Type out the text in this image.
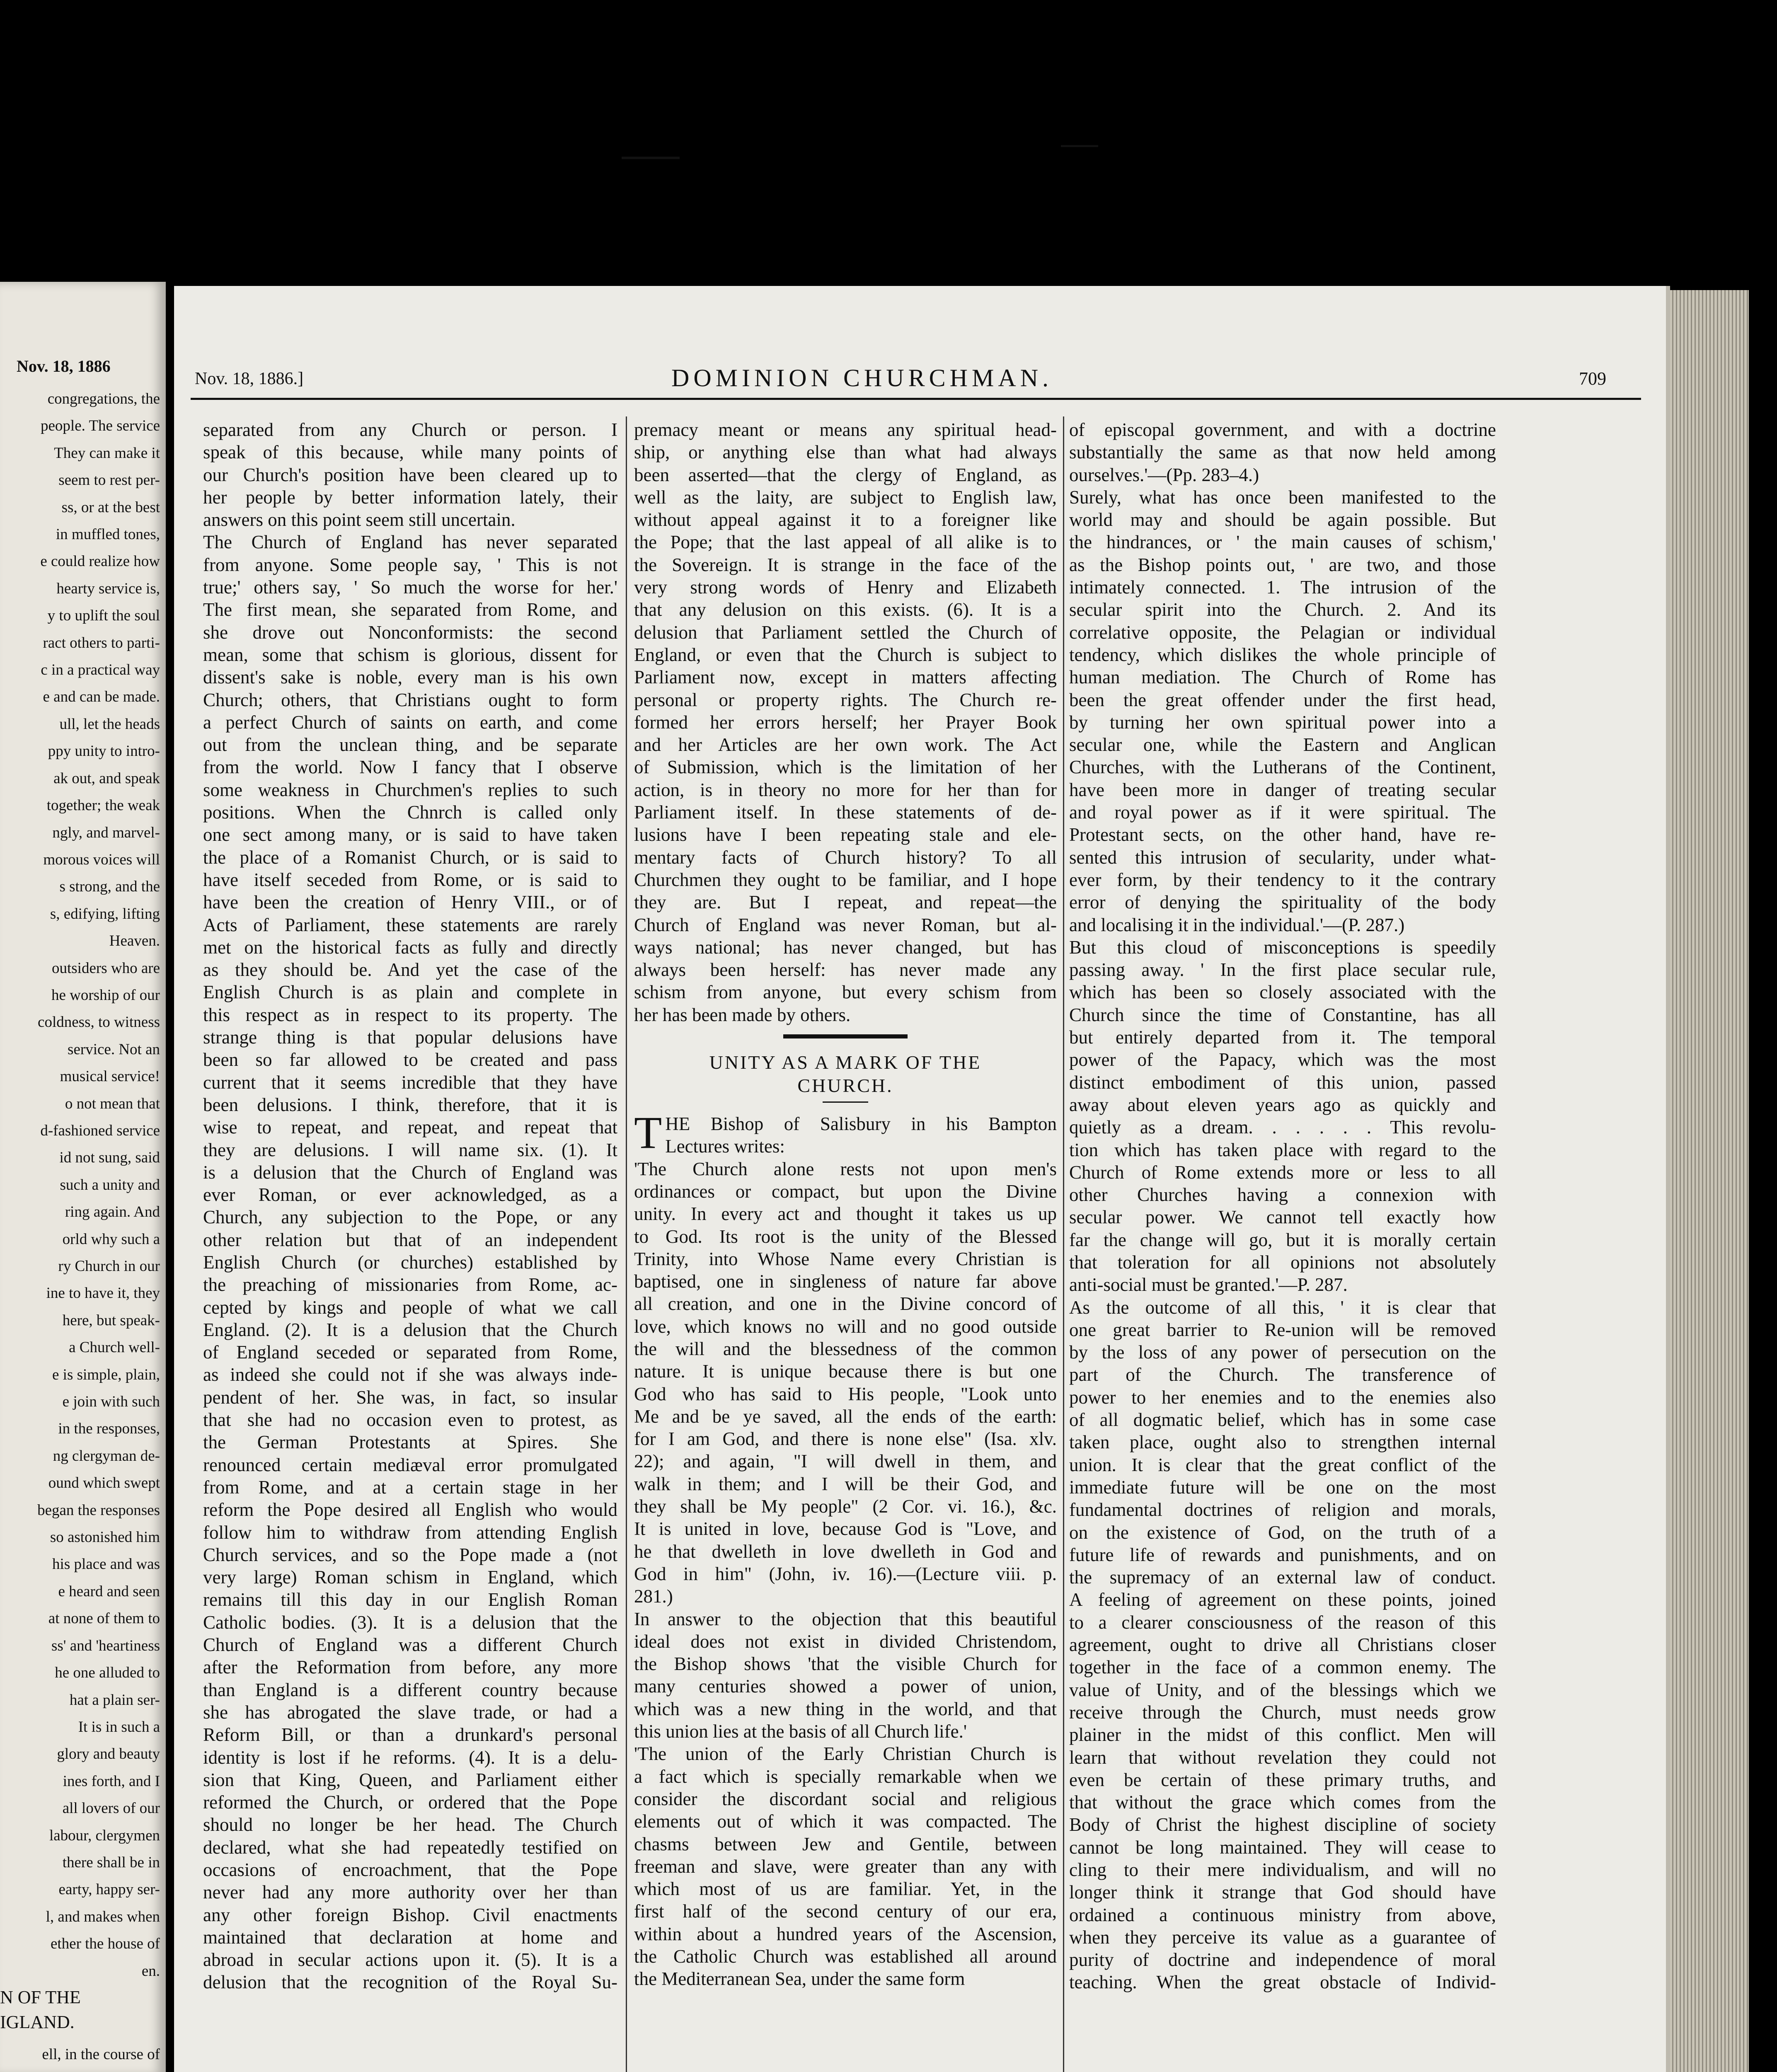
Nov. 18, 1886
congregations, the
people. The service
They can make it
seem to rest per-
ss, or at the best
in muffled tones,
e could realize how
hearty service is,
y to uplift the soul
ract others to parti-
c in a practical way
e and can be made.
ull, let the heads
ppy unity to intro-
ak out, and speak
together; the weak
ngly, and marvel-
morous voices will
s strong, and the
s, edifying, lifting
Heaven.
outsiders who are
he worship of our
coldness, to witness
service. Not an
musical service!
o not mean that
d-fashioned service
id not sung, said
such a unity and
ring again. And
orld why such a
ry Church in our
ine to have it, they
here, but speak-
a Church well-
e is simple, plain,
e join with such
in the responses,
ng clergyman de-
ound which swept
began the responses
so astonished him
his place and was
e heard and seen
at none of them to
ss' and 'heartiness
he one alluded to
hat a plain ser-
It is in such a
glory and beauty
ines forth, and I
all lovers of our
labour, clergymen
there shall be in
earty, happy ser-
l, and makes when
ether the house of
en.
N OF THE
IGLAND.
ell, in the course of
Nov. 18, 1886.]	DOMINION CHURCHMAN.	709
separated from any Church or person. I
speak of this because, while many points of
our Church's position have been cleared up to
her people by better information lately, their
answers on this point seem still uncertain.
The Church of England has never separated
from anyone. Some people say, ' This is not
true;' others say, ' So much the worse for her.'
The first mean, she separated from Rome, and
she drove out Nonconformists: the second
mean, some that schism is glorious, dissent for
dissent's sake is noble, every man is his own
Church; others, that Christians ought to form
a perfect Church of saints on earth, and come
out from the unclean thing, and be separate
from the world. Now I fancy that I observe
some weakness in Churchmen's replies to such
positions. When the Chnrch is called only
one sect among many, or is said to have taken
the place of a Romanist Church, or is said to
have itself seceded from Rome, or is said to
have been the creation of Henry VIII., or of
Acts of Parliament, these statements are rarely
met on the historical facts as fully and directly
as they should be. And yet the case of the
English Church is as plain and complete in
this respect as in respect to its property. The
strange thing is that popular delusions have
been so far allowed to be created and pass
current that it seems incredible that they have
been delusions. I think, therefore, that it is
wise to repeat, and repeat, and repeat that
they are delusions. I will name six. (1). It
is a delusion that the Church of England was
ever Roman, or ever acknowledged, as a
Church, any subjection to the Pope, or any
other relation but that of an independent
English Church (or churches) established by
the preaching of missionaries from Rome, ac-
cepted by kings and people of what we call
England. (2). It is a delusion that the Church
of England seceded or separated from Rome,
as indeed she could not if she was always inde-
pendent of her. She was, in fact, so insular
that she had no occasion even to protest, as
the German Protestants at Spires. She
renounced certain mediæval error promulgated
from Rome, and at a certain stage in her
reform the Pope desired all English who would
follow him to withdraw from attending English
Church services, and so the Pope made a (not
very large) Roman schism in England, which
remains till this day in our English Roman
Catholic bodies. (3). It is a delusion that the
Church of England was a different Church
after the Reformation from before, any more
than England is a different country because
she has abrogated the slave trade, or had a
Reform Bill, or than a drunkard's personal
identity is lost if he reforms. (4). It is a delu-
sion that King, Queen, and Parliament either
reformed the Church, or ordered that the Pope
should no longer be her head. The Church
declared, what she had repeatedly testified on
occasions of encroachment, that the Pope
never had any more authority over her than
any other foreign Bishop. Civil enactments
maintained that declaration at home and
abroad in secular actions upon it. (5). It is a
delusion that the recognition of the Royal Su-
premacy meant or means any spiritual head-
ship, or anything else than what had always
been asserted—that the clergy of England, as
well as the laity, are subject to English law,
without appeal against it to a foreigner like
the Pope; that the last appeal of all alike is to
the Sovereign. It is strange in the face of the
very strong words of Henry and Elizabeth
that any delusion on this exists. (6). It is a
delusion that Parliament settled the Church of
England, or even that the Church is subject to
Parliament now, except in matters affecting
personal or property rights. The Church re-
formed her errors herself; her Prayer Book
and her Articles are her own work. The Act
of Submission, which is the limitation of her
action, is in theory no more for her than for
Parliament itself. In these statements of de-
lusions have I been repeating stale and ele-
mentary facts of Church history? To all
Churchmen they ought to be familiar, and I hope
they are. But I repeat, and repeat—the
Church of England was never Roman, but al-
ways national; has never changed, but has
always been herself: has never made any
schism from anyone, but every schism from
her has been made by others.
UNITY AS A MARK OF THE
CHURCH.
T HE Bishop of Salisbury in his Bampton
Lectures writes:
'The Church alone rests not upon men's
ordinances or compact, but upon the Divine
unity. In every act and thought it takes us up
to God. Its root is the unity of the Blessed
Trinity, into Whose Name every Christian is
baptised, one in singleness of nature far above
all creation, and one in the Divine concord of
love, which knows no will and no good outside
the will and the blessedness of the common
nature. It is unique because there is but one
God who has said to His people, "Look unto
Me and be ye saved, all the ends of the earth:
for I am God, and there is none else" (Isa. xlv.
22); and again, "I will dwell in them, and
walk in them; and I will be their God, and
they shall be My people" (2 Cor. vi. 16.), &c.
It is united in love, because God is "Love, and
he that dwelleth in love dwelleth in God and
God in him" (John, iv. 16).—(Lecture viii. p.
281.)
In answer to the objection that this beautiful
ideal does not exist in divided Christendom,
the Bishop shows 'that the visible Church for
many centuries showed a power of union,
which was a new thing in the world, and that
this union lies at the basis of all Church life.'
'The union of the Early Christian Church is
a fact which is specially remarkable when we
consider the discordant social and religious
elements out of which it was compacted. The
chasms between Jew and Gentile, between
freeman and slave, were greater than any with
which most of us are familiar. Yet, in the
first half of the second century of our era,
within about a hundred years of the Ascension,
the Catholic Church was established all around
the Mediterranean Sea, under the same form
of episcopal government, and with a doctrine
substantially the same as that now held among
ourselves.'—(Pp. 283–4.)
Surely, what has once been manifested to the
world may and should be again possible. But
the hindrances, or ' the main causes of schism,'
as the Bishop points out, ' are two, and those
intimately connected. 1. The intrusion of the
secular spirit into the Church. 2. And its
correlative opposite, the Pelagian or individual
tendency, which dislikes the whole principle of
human mediation. The Church of Rome has
been the great offender under the first head,
by turning her own spiritual power into a
secular one, while the Eastern and Anglican
Churches, with the Lutherans of the Continent,
have been more in danger of treating secular
and royal power as if it were spiritual. The
Protestant sects, on the other hand, have re-
sented this intrusion of secularity, under what-
ever form, by their tendency to it the contrary
error of denying the spirituality of the body
and localising it in the individual.'—(P. 287.)
But this cloud of misconceptions is speedily
passing away. ' In the first place secular rule,
which has been so closely associated with the
Church since the time of Constantine, has all
but entirely departed from it. The temporal
power of the Papacy, which was the most
distinct embodiment of this union, passed
away about eleven years ago as quickly and
quietly as a dream. . . . . . This revolu-
tion which has taken place with regard to the
Church of Rome extends more or less to all
other Churches having a connexion with
secular power. We cannot tell exactly how
far the change will go, but it is morally certain
that toleration for all opinions not absolutely
anti-social must be granted.'—P. 287.
As the outcome of all this, ' it is clear that
one great barrier to Re-union will be removed
by the loss of any power of persecution on the
part of the Church. The transference of
power to her enemies and to the enemies also
of all dogmatic belief, which has in some case
taken place, ought also to strengthen internal
union. It is clear that the great conflict of the
immediate future will be one on the most
fundamental doctrines of religion and morals,
on the existence of God, on the truth of a
future life of rewards and punishments, and on
the supremacy of an external law of conduct.
A feeling of agreement on these points, joined
to a clearer consciousness of the reason of this
agreement, ought to drive all Christians closer
together in the face of a common enemy. The
value of Unity, and of the blessings which we
receive through the Church, must needs grow
plainer in the midst of this conflict. Men will
learn that without revelation they could not
even be certain of these primary truths, and
that without the grace which comes from the
Body of Christ the highest discipline of society
cannot be long maintained. They will cease to
cling to their mere individualism, and will no
longer think it strange that God should have
ordained a continuous ministry from above,
when they perceive its value as a guarantee of
purity of doctrine and independence of moral
teaching. When the great obstacle of Individ-
